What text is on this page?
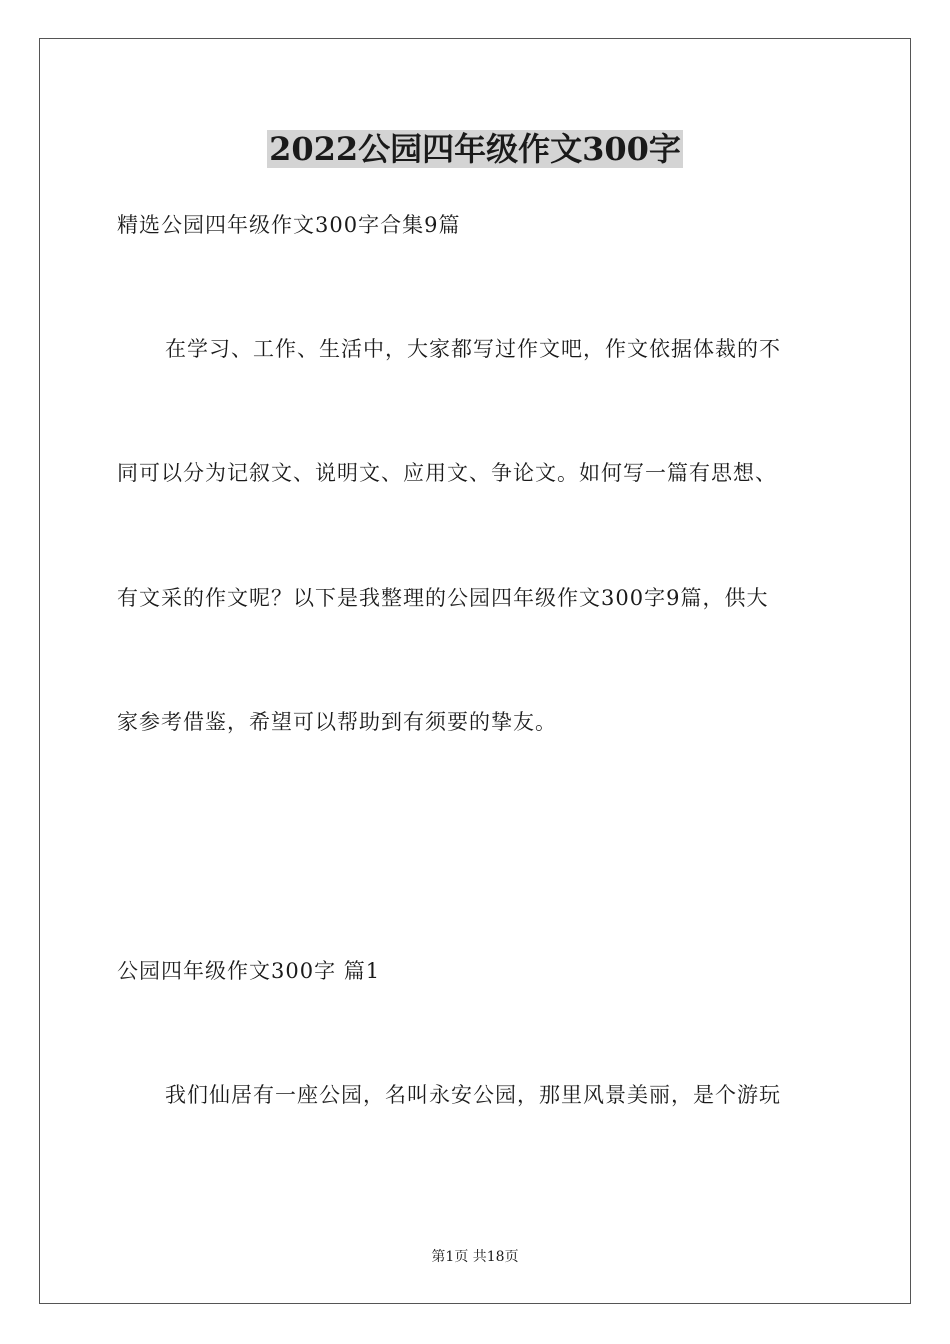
2022公园四年级作文300字
精选公园四年级作文300字合集9篇
在学习、工作、生活中，大家都写过作文吧，作文依据体裁的不
同可以分为记叙文、说明文、应用文、争论文。如何写一篇有思想、
有文采的作文呢？以下是我整理的公园四年级作文300字9篇，供大
家参考借鉴，希望可以帮助到有须要的挚友。
公园四年级作文300字 篇1
我们仙居有一座公园，名叫永安公园，那里风景美丽，是个游玩
第1页 共18页
